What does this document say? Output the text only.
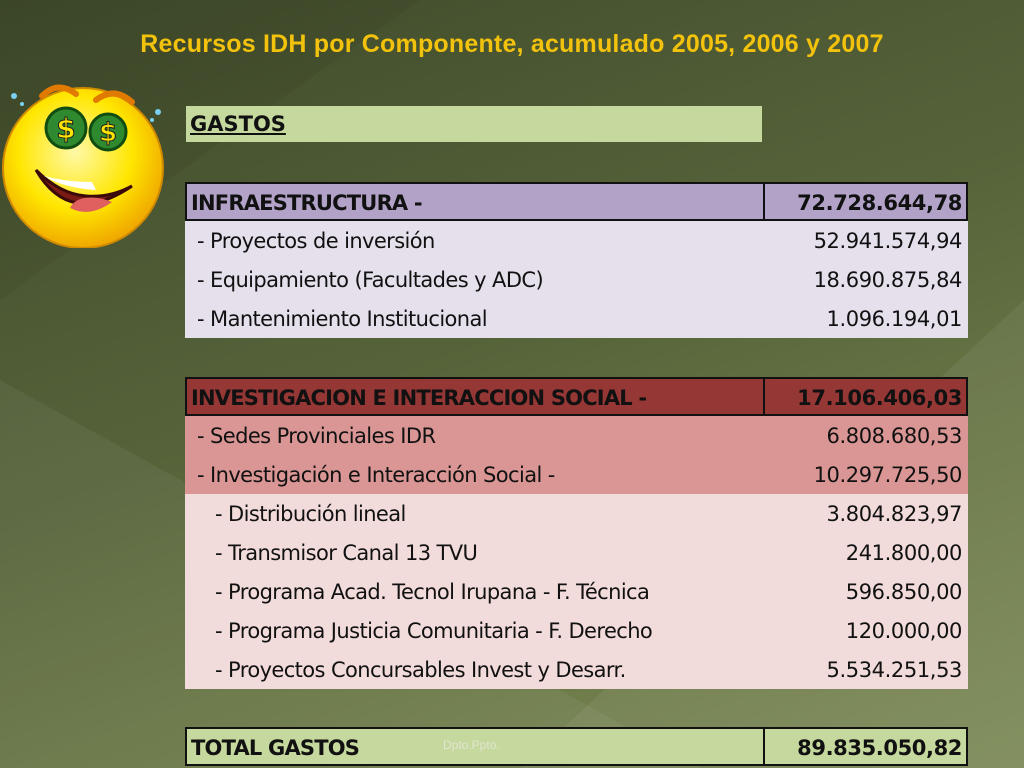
Recursos IDH por Componente, acumulado 2005, 2006 y 2007
$ $	GASTOS
INFRAESTRUCTURA -	72.728.644,78
- Proyectos de inversión	52.941.574,94
- Equipamiento (Facultades y ADC)	18.690.875,84
- Mantenimiento Institucional	1.096.194,01
INVESTIGACION E INTERACCION SOCIAL -	17.106.406,03
- Sedes Provinciales IDR	6.808.680,53
- Investigación e Interacción Social -	10.297.725,50
- Distribución lineal	3.804.823,97
- Transmisor Canal 13 TVU	241.800,00
- Programa Acad. Tecnol Irupana - F. Técnica	596.850,00
- Programa Justicia Comunitaria - F. Derecho	120.000,00
- Proyectos Concursables Invest y Desarr.	5.534.251,53
TOTAL GASTOS	89.835.050,82
Dpto.Ppto.
